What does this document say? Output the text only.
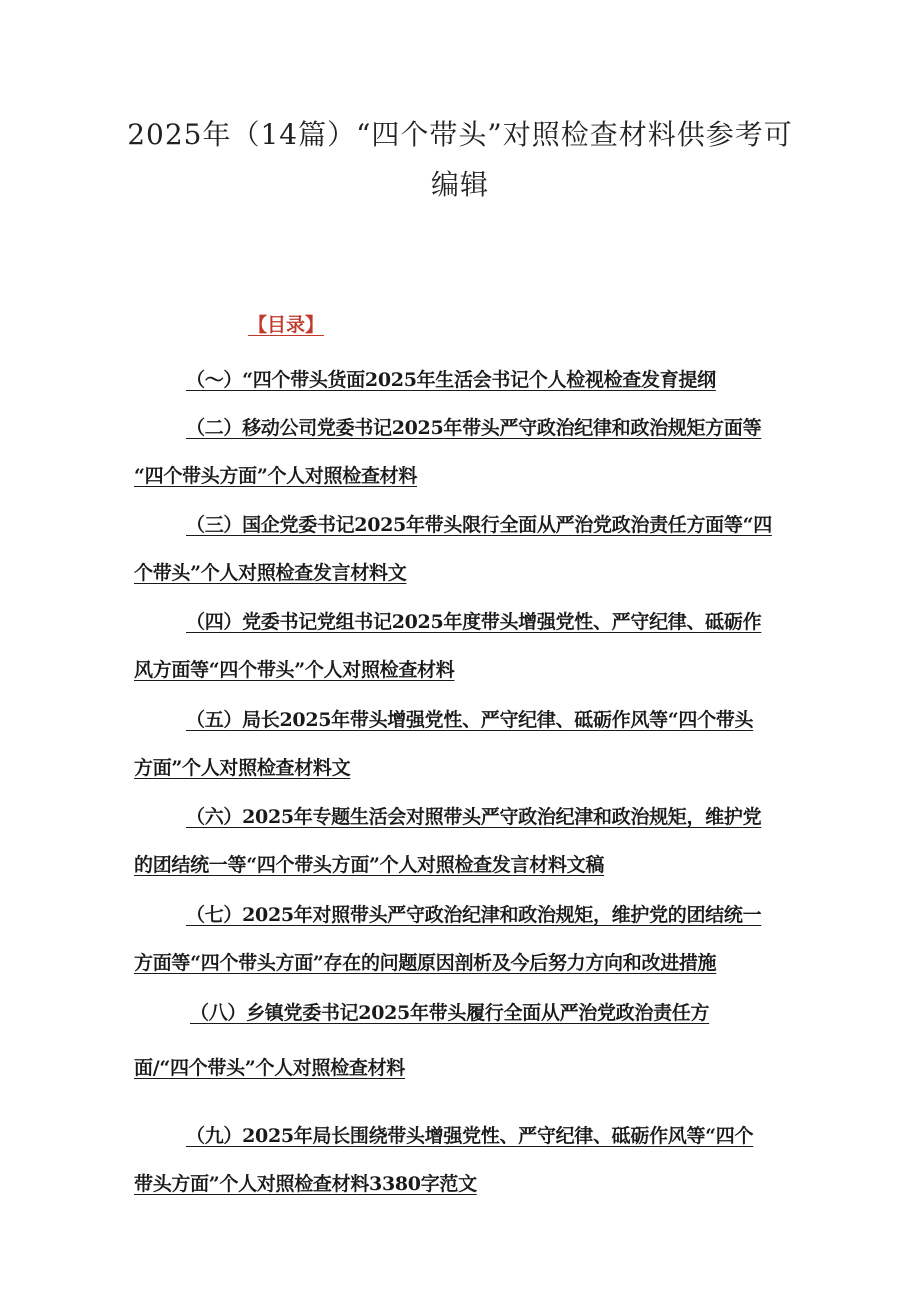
2025年（14篇）“四个带头”对照检查材料供参考可
编辑
【目录】
（～）“四个带头货面2025年生活会书记个人检视检查发育提纲
（二）移动公司党委书记2025年带头严守政治纪律和政治规矩方面等
“四个带头方面”个人对照检查材料
（三）国企党委书记2025年带头限行全面从严治党政治责任方面等“四
个带头”个人对照检查发言材料文
（四）党委书记党组书记2025年度带头增强党性、严守纪律、砥砺作
风方面等“四个带头”个人对照检查材料
（五）局长2025年带头增强党性、严守纪律、砥砺作风等“四个带头
方面”个人对照检查材料文
（六）2025年专题生活会对照带头严守政治纪津和政治规矩，维护党
的团结统一等“四个带头方面”个人对照检查发言材料文稿
（七）2025年对照带头严守政治纪津和政治规矩，维护党的团结统一
方面等“四个带头方面”存在的问题原因剖析及今后努力方向和改进措施
（八）乡镇党委书记2025年带头履行全面从严治党政治责任方
面/“四个带头”个人对照检查材料
（九）2025年局长围绕带头增强党性、严守纪律、砥砺作风等“四个
带头方面”个人对照检查材料3380字范文
